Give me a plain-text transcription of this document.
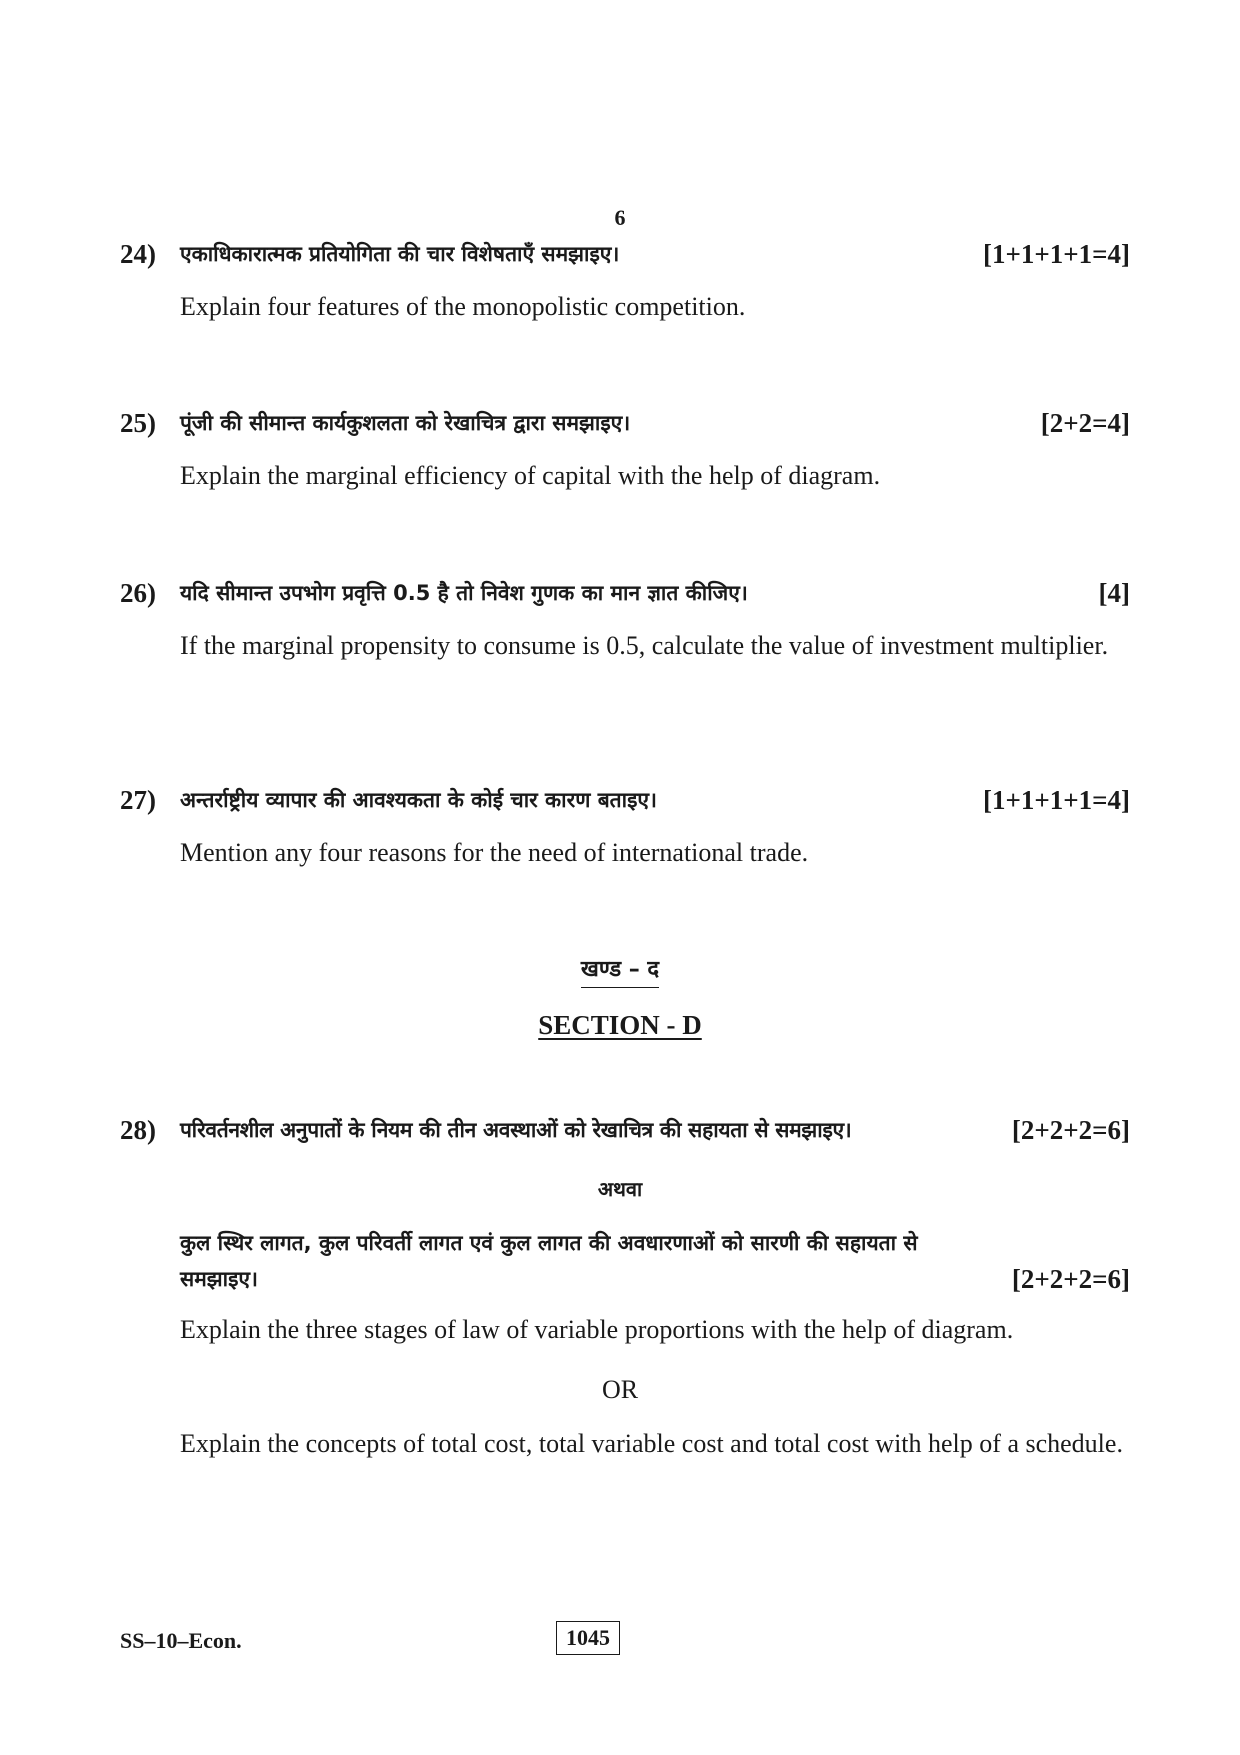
6
24) एकाधिकारात्मक प्रतियोगिता की चार विशेषताएँ समझाइए।	[1+1+1+1=4]
Explain four features of the monopolistic competition.
25) पूंजी की सीमान्त कार्यकुशलता को रेखाचित्र द्वारा समझाइए।	[2+2=4]
Explain the marginal efficiency of capital with the help of diagram.
26) यदि सीमान्त उपभोग प्रवृत्ति 0.5 है तो निवेश गुणक का मान ज्ञात कीजिए।	[4]
If the marginal propensity to consume is 0.5, calculate the value of investment multiplier.
27) अन्तर्राष्ट्रीय व्यापार की आवश्यकता के कोई चार कारण बताइए।	[1+1+1+1=4]
Mention any four reasons for the need of international trade.
खण्ड – द
SECTION - D
28) परिवर्तनशील अनुपातों के नियम की तीन अवस्थाओं को रेखाचित्र की सहायता से समझाइए।	[2+2+2=6]
अथवा
कुल स्थिर लागत, कुल परिवर्ती लागत एवं कुल लागत की अवधारणाओं को सारणी की सहायता से
समझाइए।	[2+2+2=6]
Explain the three stages of law of variable proportions with the help of diagram.
OR
Explain the concepts of total cost, total variable cost and total cost with help of a schedule.
SS–10–Econ.	1045
